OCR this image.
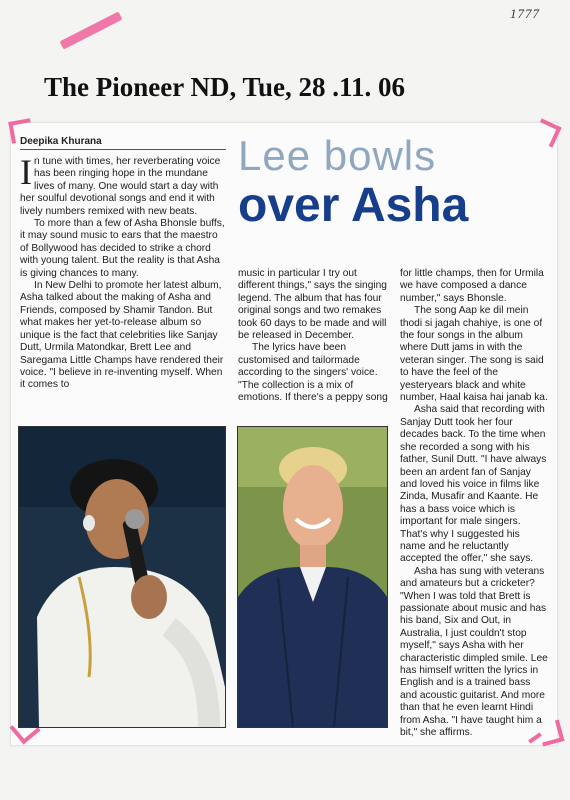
1777
The Pioneer ND, Tue, 28 .11. 06
Deepika Khurana	Lee bowls
over Asha

In tune with times, her reverberating voice has been ringing hope in the mundane lives of many. One would start a day with her soulful devotional songs and end it with lively numbers remixed with new beats.

To more than a few of Asha Bhonsle buffs, it may sound music to ears that the maestro of Bollywood has decided to strike a chord with young talent. But the reality is that Asha is giving chances to many.

In New Delhi to promote her latest album, Asha talked about the making of Asha and Friends, composed by Shamir Tandon. But what makes her yet-to-release album so unique is the fact that celebrities like Sanjay Dutt, Urmila Matondkar, Brett Lee and Saregama Little Champs have rendered their voice. "I believe in re-inventing myself. When it comes to

music in particular I try out different things," says the singing legend. The album that has four original songs and two remakes took 60 days to be made and will be released in December.

The lyrics have been customised and tailormade according to the singers' voice. "The collection is a mix of emotions. If there's a peppy song

for little champs, then for Urmila we have composed a dance number," says Bhonsle.

The song Aap ke dil mein thodi si jagah chahiye, is one of the four songs in the album where Dutt jams in with the veteran singer. The song is said to have the feel of the yesteryears black and white number, Haal kaisa hai janab ka.

Asha said that recording with Sanjay Dutt took her four decades back. To the time when she recorded a song with his father, Sunil Dutt. "I have always been an ardent fan of Sanjay and loved his voice in films like Zinda, Musafir and Kaante. He has a bass voice which is important for male singers. That's why I suggested his name and he reluctantly accepted the offer," she says.

Asha has sung with veterans and amateurs but a cricketer? "When I was told that Brett is passionate about music and has his band, Six and Out, in Australia, I just couldn't stop myself," says Asha with her characteristic dimpled smile. Lee has himself written the lyrics in English and is a trained bass and acoustic guitarist. And more than that he even learnt Hindi from Asha. "I have taught him a bit," she affirms.
